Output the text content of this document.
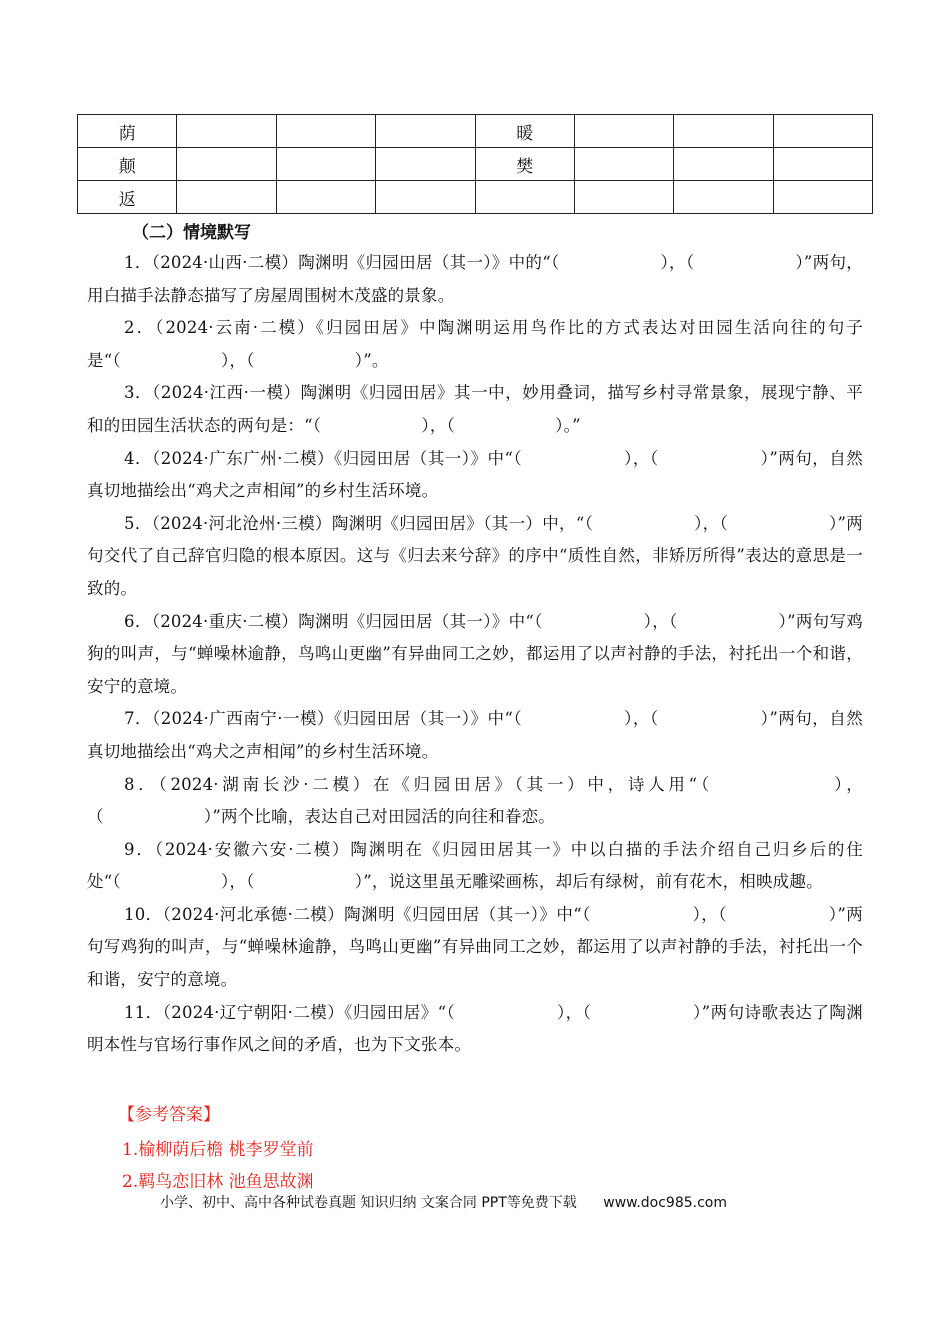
荫				暖			
颠				樊			
返							
（二）情境默写

1．（2024·山西·二模）陶渊明《归园田居（其一）》中的“（　　　　　　），（　　　　　　）”两句，用白描手法静态描写了房屋周围树木茂盛的景象。

2．（2024·云南·二模）《归园田居》中陶渊明运用鸟作比的方式表达对田园生活向往的句子是“（　　　　　　），（　　　　　　）”。

3．（2024·江西·一模）陶渊明《归园田居》其一中，妙用叠词，描写乡村寻常景象，展现宁静、平和的田园生活状态的两句是：“（　　　　　　），（　　　　　　）。”

4．（2024·广东广州·二模）《归园田居（其一）》中“（　　　　　　），（　　　　　　）”两句，自然真切地描绘出“鸡犬之声相闻”的乡村生活环境。

5．（2024·河北沧州·三模）陶渊明《归园田居》（其一）中，“（　　　　　　），（　　　　　　）”两句交代了自己辞官归隐的根本原因。这与《归去来兮辞》的序中“质性自然，非矫厉所得”表达的意思是一致的。

6．（2024·重庆·二模）陶渊明《归园田居（其一）》中“（　　　　　　），（　　　　　　）”两句写鸡狗的叫声，与“蝉噪林逾静，鸟鸣山更幽”有异曲同工之妙，都运用了以声衬静的手法，衬托出一个和谐，安宁的意境。

7．（2024·广西南宁·一模）《归园田居（其一）》中“（　　　　　　），（　　　　　　）”两句，自然真切地描绘出“鸡犬之声相闻”的乡村生活环境。

8．（2024·湖南长沙·二模）在《归园田居》（其一）中，诗人用“（　　　　　　），（　　　　　　）”两个比喻，表达自己对田园活的向往和眷恋。

9．（2024·安徽六安·二模）陶渊明在《归园田居其一》中以白描的手法介绍自己归乡后的住处“（　　　　　　），（　　　　　　）”，说这里虽无雕梁画栋，却后有绿树，前有花木，相映成趣。

10．（2024·河北承德·二模）陶渊明《归园田居（其一）》中“（　　　　　　），（　　　　　　）”两句写鸡狗的叫声，与“蝉噪林逾静，鸟鸣山更幽”有异曲同工之妙，都运用了以声衬静的手法，衬托出一个和谐，安宁的意境。

11．（2024·辽宁朝阳·二模）《归园田居》“（　　　　　　），（　　　　　　）”两句诗歌表达了陶渊明本性与官场行事作风之间的矛盾，也为下文张本。

【参考答案】
1.榆柳荫后檐 桃李罗堂前
2.羁鸟恋旧林 池鱼思故渊
小学、初中、高中各种试卷真题 知识归纳 文案合同 PPT等免费下载 www.doc985.com
